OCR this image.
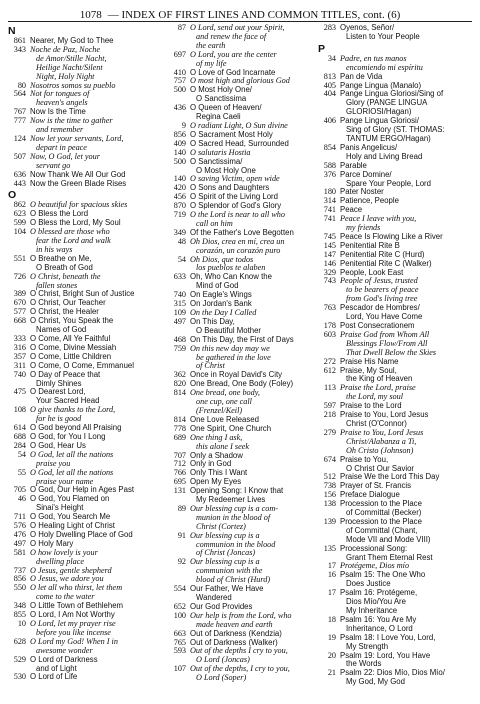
1078 — INDEX OF FIRST LINES AND COMMON TITLES, cont. (6)
N
861 Nearer, My God to Thee
343 Noche de Paz, Noche
de Amor/Stille Nacht,
Heilige Nacht/Silent
Night, Holy Night
80 Nosotros somos su pueblo
564 Not for tongues of
heaven's angels
767 Now Is the Time
777 Now is the time to gather
and remember
124 Now let your servants, Lord,
depart in peace
507 Now, O God, let your
servant go
636 Now Thank We All Our God
443 Now the Green Blade Rises
O
862 O beautiful for spacious skies
623 O Bless the Lord
599 O Bless the Lord, My Soul
104 O blessed are those who
fear the Lord and walk
in his ways
551 O Breathe on Me,
O Breath of God
726 O Christ, beneath the
fallen stones
389 O Christ, Bright Sun of Justice
670 O Christ, Our Teacher
577 O Christ, the Healer
668 O Christ, You Speak the
Names of God
333 O Come, All Ye Faithful
316 O Come, Divine Messiah
357 O Come, Little Children
311 O Come, O Come, Emmanuel
740 O Day of Peace that
Dimly Shines
475 O Dearest Lord,
Your Sacred Head
108 O give thanks to the Lord,
for he is good
614 O God beyond All Praising
688 O God, for You I Long
284 O God, Hear Us
54 O God, let all the nations
praise you
55 O God, let all the nations
praise your name
705 O God, Our Help in Ages Past
46 O God, You Flamed on
Sinai's Height
711 O God, You Search Me
576 O Healing Light of Christ
476 O Holy Dwelling Place of God
497 O Holy Mary
581 O how lovely is your
dwelling place
737 O Jesus, gentle shepherd
856 O Jesus, we adore you
550 O let all who thirst, let them
come to the water
348 O Little Town of Bethlehem
855 O Lord, I Am Not Worthy
10 O Lord, let my prayer rise
before you like incense
628 O Lord my God! When I in
awesome wonder
529 O Lord of Darkness
and of Light
530 O Lord of Life
87 O Lord, send out your Spirit,
and renew the face of
the earth
697 O Lord, you are the center
of my life
410 O Love of God Incarnate
757 O most high and glorious God
500 O Most Holy One/
O Sanctissima
436 O Queen of Heaven/
Regina Caeli
9 O radiant Light, O Sun divine
856 O Sacrament Most Holy
409 O Sacred Head, Surrounded
140 O salutaris Hostia
500 O Sanctissima/
O Most Holy One
140 O saving Victim, open wide
420 O Sons and Daughters
456 O Spirit of the Living Lord
870 O Splendor of God's Glory
719 O the Lord is near to all who
call on him
349 Of the Father's Love Begotten
48 Oh Dios, crea en mí, crea un
corazón, un corazón puro
54 Oh Dios, que todos
los pueblos te alaben
633 Oh, Who Can Know the
Mind of God
740 On Eagle's Wings
315 On Jordan's Bank
109 On the Day I Called
497 On This Day,
O Beautiful Mother
468 On This Day, the First of Days
759 On this new day may we
be gathered in the love
of Christ
362 Once in Royal David's City
820 One Bread, One Body (Foley)
814 One bread, one body,
one cup, one call
(Frenzel/Keil)
814 One Love Released
778 One Spirit, One Church
689 One thing I ask,
this alone I seek
707 Only a Shadow
712 Only in God
766 Only This I Want
695 Open My Eyes
131 Opening Song: I Know that
My Redeemer Lives
89 Our blessing cup is a com-
munion in the blood of
Christ (Cortez)
91 Our blessing cup is a
communion in the blood
of Christ (Joncas)
92 Our blessing cup is a
communion with the
blood of Christ (Hurd)
554 Our Father, We Have
Wandered
652 Our God Provides
100 Our help is from the Lord, who
made heaven and earth
663 Out of Darkness (Kendzia)
765 Out of Darkness (Walker)
593 Out of the depths I cry to you,
O Lord (Joncas)
107 Out of the depths, I cry to you,
O Lord (Soper)
283 Oyenos, Señor/
Listen to Your People
P
34 Padre, en tus manos
encomiendo mi espíritu
813 Pan de Vida
405 Pange Lingua (Manalo)
404 Pange Lingua Gloriosi/Sing of
Glory (PANGE LINGUA
GLORIOSI/Hagan)
406 Pange Lingua Gloriosi/
Sing of Glory (ST. THOMAS:
TANTUM ERGO/Hagan)
854 Panis Angelicus/
Holy and Living Bread
588 Parable
376 Parce Domine/
Spare Your People, Lord
180 Pater Noster
314 Patience, People
741 Peace
741 Peace I leave with you,
my friends
745 Peace Is Flowing Like a River
145 Penitential Rite B
147 Penitential Rite C (Hurd)
146 Penitential Rite C (Walker)
329 People, Look East
743 People of Jesus, trusted
to be bearers of peace
from God's living tree
763 Pescador de Hombres/
Lord, You Have Come
178 Post Consecrationem
603 Praise God from Whom All
Blessings Flow/From All
That Dwell Below the Skies
272 Praise His Name
612 Praise, My Soul,
the King of Heaven
113 Praise the Lord, praise
the Lord, my soul
597 Praise to the Lord
218 Praise to You, Lord Jesus
Christ (O'Connor)
279 Praise to You, Lord Jesus
Christ/Alabanza a Ti,
Oh Cristo (Johnson)
674 Praise to You,
O Christ Our Savior
512 Praise We the Lord This Day
738 Prayer of St. Francis
156 Preface Dialogue
138 Procession to the Place
of Committal (Becker)
139 Procession to the Place
of Committal (Chant,
Mode VII and Mode VIII)
135 Processional Song:
Grant Them Eternal Rest
17 Protégeme, Dios mío
16 Psalm 15: The One Who
Does Justice
17 Psalm 16: Protégeme,
Dios Mío/You Are
My Inheritance
18 Psalm 16: You Are My
Inheritance, O Lord
19 Psalm 18: I Love You, Lord,
My Strength
20 Psalm 19: Lord, You Have
the Words
21 Psalm 22: Dios Mío, Dios Mío/
My God, My God
